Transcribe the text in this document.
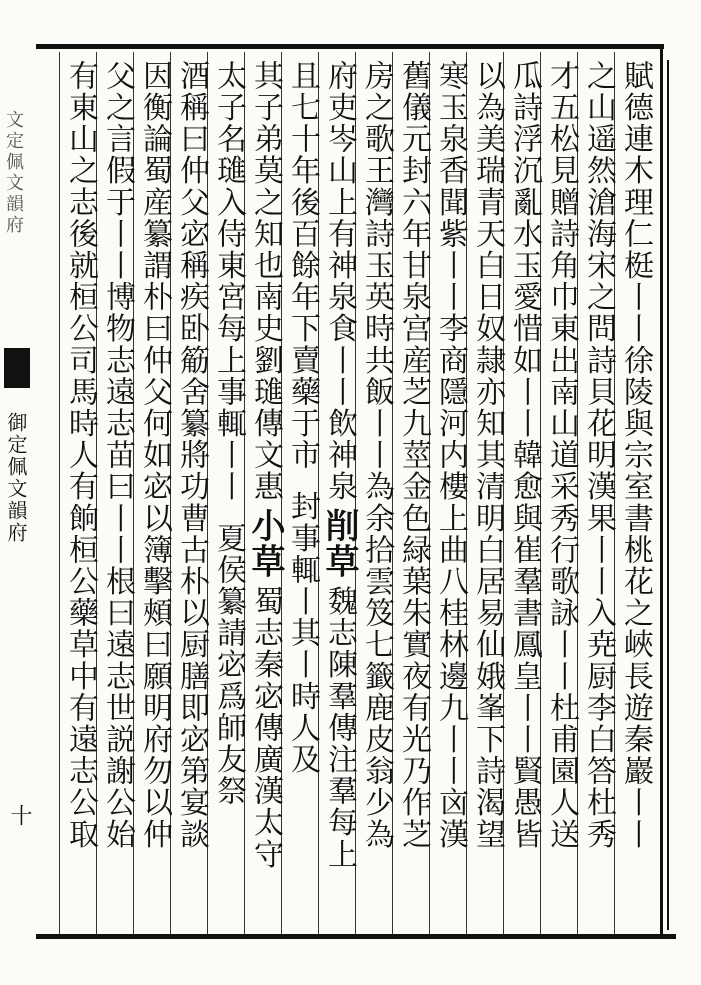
文定佩文韻府
御定佩文韻府
十	賦德連木理仁梃丨丨徐陵與宗室書桃花之峽長遊秦巖丨丨
之山遥然滄海宋之問詩貝花明漢果丨丨入尭厨李白答杜秀
才五松見贈詩角巾東出南山道采秀行歌詠丨丨杜甫園人送
瓜詩浮沉亂水玉愛惜如丨丨韓愈與崔羣書鳳皇丨丨賢愚皆
以為美瑞青天白日奴隷亦知其清明白居易仙娥峯下詩渴望
寒玉泉香聞紫丨丨李商隱河内樓上曲八桂林邊九丨丨㐫漢
舊儀元封六年甘泉宫産芝九莖金色緑葉朱實夜有光乃作芝
房之歌王灣詩玉英時共飯丨丨為余拾雲笈七籤鹿皮翁少為
府吏岑山上有神泉食丨丨飲神泉削草魏志陳羣傳注羣每上
且七十年後百餘年下賣藥于市封事輒丨其丨時人及
其子弟莫之知也南史劉璡傳文惠小草蜀志秦宓傳廣漢太守
太子名璡入侍東宮每上事輒丨丨夏侯纂請宓爲師友祭
酒稱曰仲父宓稱疾卧䈥舍纂將功曹古朴以厨膳即宓第宴談
因衡論蜀産纂謂朴曰仲父何如宓以簿擊頰曰願明府勿以仲
父之言假于丨丨博物志遠志苗曰丨丨根曰遠志世説謝公始
有東山之志後就桓公司馬時人有餉桓公藥草中有遠志公取
